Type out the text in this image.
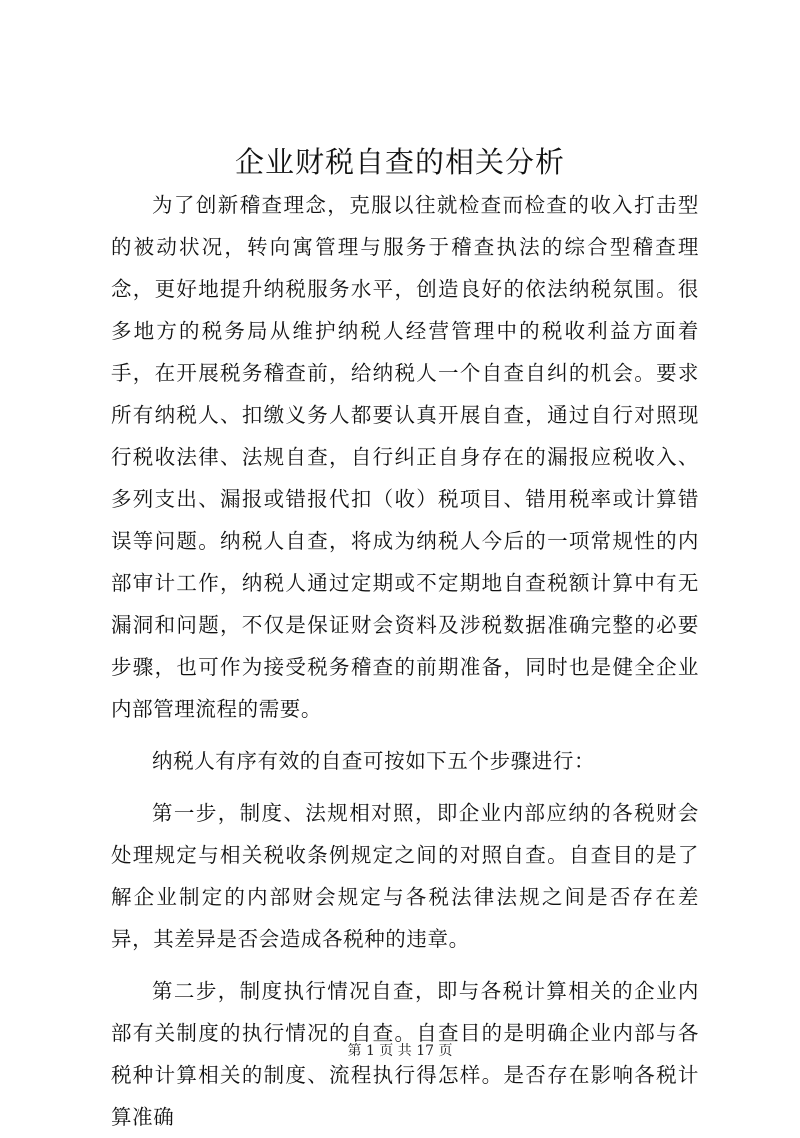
企业财税自查的相关分析

为了创新稽查理念，克服以往就检查而检查的收入打击型的被动状况，转向寓管理与服务于稽查执法的综合型稽查理念，更好地提升纳税服务水平，创造良好的依法纳税氛围。很多地方的税务局从维护纳税人经营管理中的税收利益方面着手，在开展税务稽查前，给纳税人一个自查自纠的机会。要求所有纳税人、扣缴义务人都要认真开展自查，通过自行对照现行税收法律、法规自查，自行纠正自身存在的漏报应税收入、多列支出、漏报或错报代扣（收）税项目、错用税率或计算错误等问题。纳税人自查，将成为纳税人今后的一项常规性的内部审计工作，纳税人通过定期或不定期地自查税额计算中有无漏洞和问题，不仅是保证财会资料及涉税数据准确完整的必要步骤，也可作为接受税务稽查的前期准备，同时也是健全企业内部管理流程的需要。

纳税人有序有效的自查可按如下五个步骤进行：

第一步，制度、法规相对照，即企业内部应纳的各税财会处理规定与相关税收条例规定之间的对照自查。自查目的是了解企业制定的内部财会规定与各税法律法规之间是否存在差异，其差异是否会造成各税种的违章。

第二步，制度执行情况自查，即与各税计算相关的企业内部有关制度的执行情况的自查。自查目的是明确企业内部与各税种计算相关的制度、流程执行得怎样。是否存在影响各税计算准确

第 1 页 共 17 页
